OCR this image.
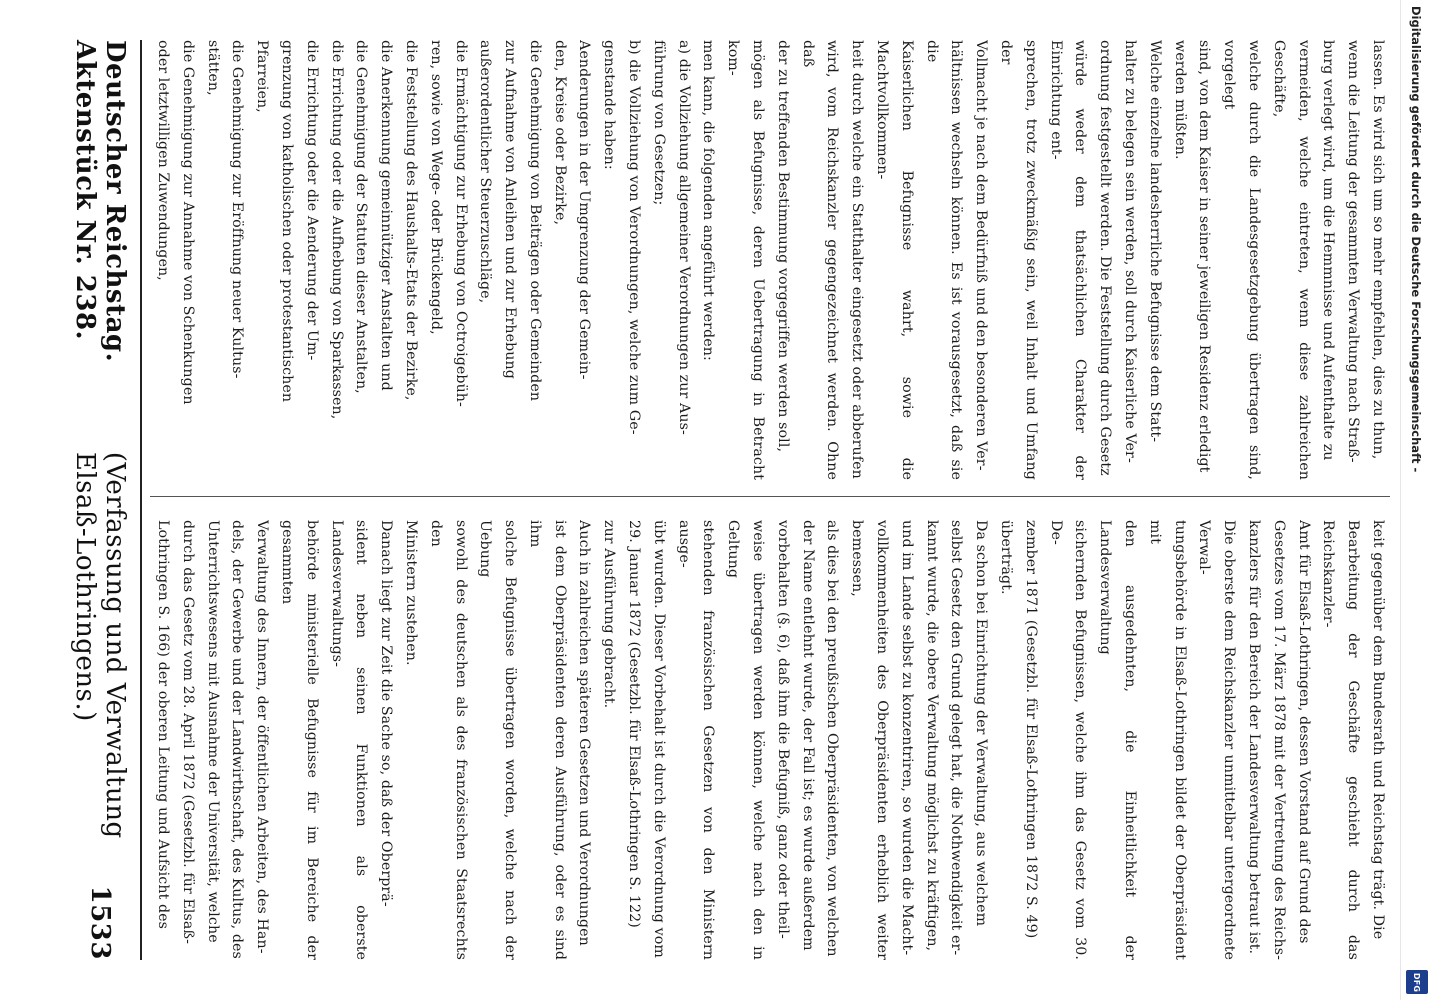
Deutscher Reichstag. Aktenstück Nr. 238.
(Verfassung und Verwaltung Elsaß-Lothringens.)
1533
lassen. Es wird sich um so mehr empfehlen, dies zu thun,
wenn die Leitung der gesammten Verwaltung nach Straß-
burg verlegt wird, um die Hemmnisse und Aufenthalte zu
vermeiden, welche eintreten, wenn diese zahlreichen Geschäfte,
welche durch die Landesgesetzgebung übertragen sind, vorgelegt
sind, von dem Kaiser in seiner jeweiligen Residenz erledigt
werden müßten.
Welche einzelne landesherrliche Befugnisse dem Statt-
halter zu belegen sein werden, soll durch Kaiserliche Ver-
ordnung festgestellt werden. Die Feststellung durch Gesetz
würde weder dem thatsächlichen Charakter der Einrichtung ent-
sprechen, trotz zweckmäßig sein, weil Inhalt und Umfang der
Vollmacht je nach dem Bedürfniß und den besonderen Ver-
hältnissen wechseln können. Es ist vorausgesetzt, daß sie die
Kaiserlichen Befugnisse wahrt, sowie die Machtvollkommen-
heit durch welche ein Statthalter eingesetzt oder abberufen
wird, vom Reichskanzler gegengezeichnet werden. Ohne daß
der zu treffenden Bestimmung vorgegriffen werden soll,
mögen als Befugnisse, deren Uebertragung in Betracht kom-
men kann, die folgenden angeführt werden:
a) die Vollziehung allgemeiner Verordnungen zur Aus-
führung von Gesetzen;
b) die Vollziehung von Verordnungen, welche zum Ge-
genstande haben:
Aenderungen in der Umgrenzung der Gemein-
den, Kreise oder Bezirke,
die Genehmigung von Beiträgen oder Gemeinden
zur Aufnahme von Anleihen und zur Erhebung
außerordentlicher Steuerzuschläge,
die Ermächtigung zur Erhebung von Octroigebüh-
ren, sowie von Wege- oder Brückengeld,
die Feststellung des Haushalts-Etats der Bezirke,
die Anerkennung gemeinnütziger Anstalten und
die Genehmigung der Statuten dieser Anstalten,
die Errichtung oder die Aufhebung von Sparkassen,
die Errichtung oder die Aenderung der Um-
grenzung von katholischen oder protestantischen
Pfarreien,
die Genehmigung zur Eröffnung neuer Kultus-
stätten,
die Genehmigung zur Annahme von Schenkungen
oder letztwilligen Zuwendungen,
keit gegenüber dem Bundesrath und Reichstag trägt. Die
Bearbeitung der Geschäfte geschieht durch das Reichskanzler-
Amt für Elsaß-Lothringen, dessen Vorstand auf Grund des
Gesetzes vom 17. März 1878 mit der Vertretung des Reichs-
kanzlers für den Bereich der Landesverwaltung betraut ist.
Die oberste dem Reichskanzler unmittelbar untergeordnete Verwal-
tungsbehörde in Elsaß-Lothringen bildet der Oberpräsident mit
den ausgedehnten, die Einheitlichkeit der Landesverwaltung
sichernden Befugnissen, welche ihm das Gesetz vom 30. De-
zember 1871 (Gesetzbl. für Elsaß-Lothringen 1872 S. 49)
überträgt.
Da schon bei Einrichtung der Verwaltung, aus welchem
selbst Gesetz den Grund gelegt hat, die Nothwendigkeit er-
kannt wurde, die obere Verwaltung möglichst zu kräftigen,
und im Lande selbst zu konzentriren, so wurden die Macht-
vollkommenheiten des Oberpräsidenten erheblich weiter bemessen,
als dies bei den preußischen Oberpräsidenten, von welchen
der Name entlehnt wurde, der Fall ist; es wurde außerdem
vorbehalten (§. 6), daß ihm die Befugniß, ganz oder theil-
weise übertragen werden können, welche nach den in Geltung
stehenden französischen Gesetzen von den Ministern ausge-
übt wurden. Dieser Vorbehalt ist durch die Verordnung vom
29. Januar 1872 (Gesetzbl. für Elsaß-Lothringen S. 122)
zur Ausführung gebracht.
Auch in zahlreichen späteren Gesetzen und Verordnungen
ist dem Oberpräsidenten deren Ausführung, oder es sind ihm
solche Befugnisse übertragen worden, welche nach der Uebung
sowohl des deutschen als des französischen Staatsrechts den
Ministern zustehen.
Danach liegt zur Zeit die Sache so, daß der Oberprä-
sident neben seinen Funktionen als oberste Landesverwaltungs-
behörde ministerielle Befugnisse für im Bereiche der gesammten
Verwaltung des Innern, der öffentlichen Arbeiten, des Han-
dels, der Gewerbe und der Landwirthschaft, des Kultus, des
Unterrichtswesens mit Ausnahme der Universität, welche
durch das Gesetz vom 28. April 1872 (Gesetzbl. für Elsaß-
Lothringen S. 166) der oberen Leitung und Aufsicht des
Digitalisierung gefördert durch die Deutsche Forschungsgemeinschaft -
DFG
